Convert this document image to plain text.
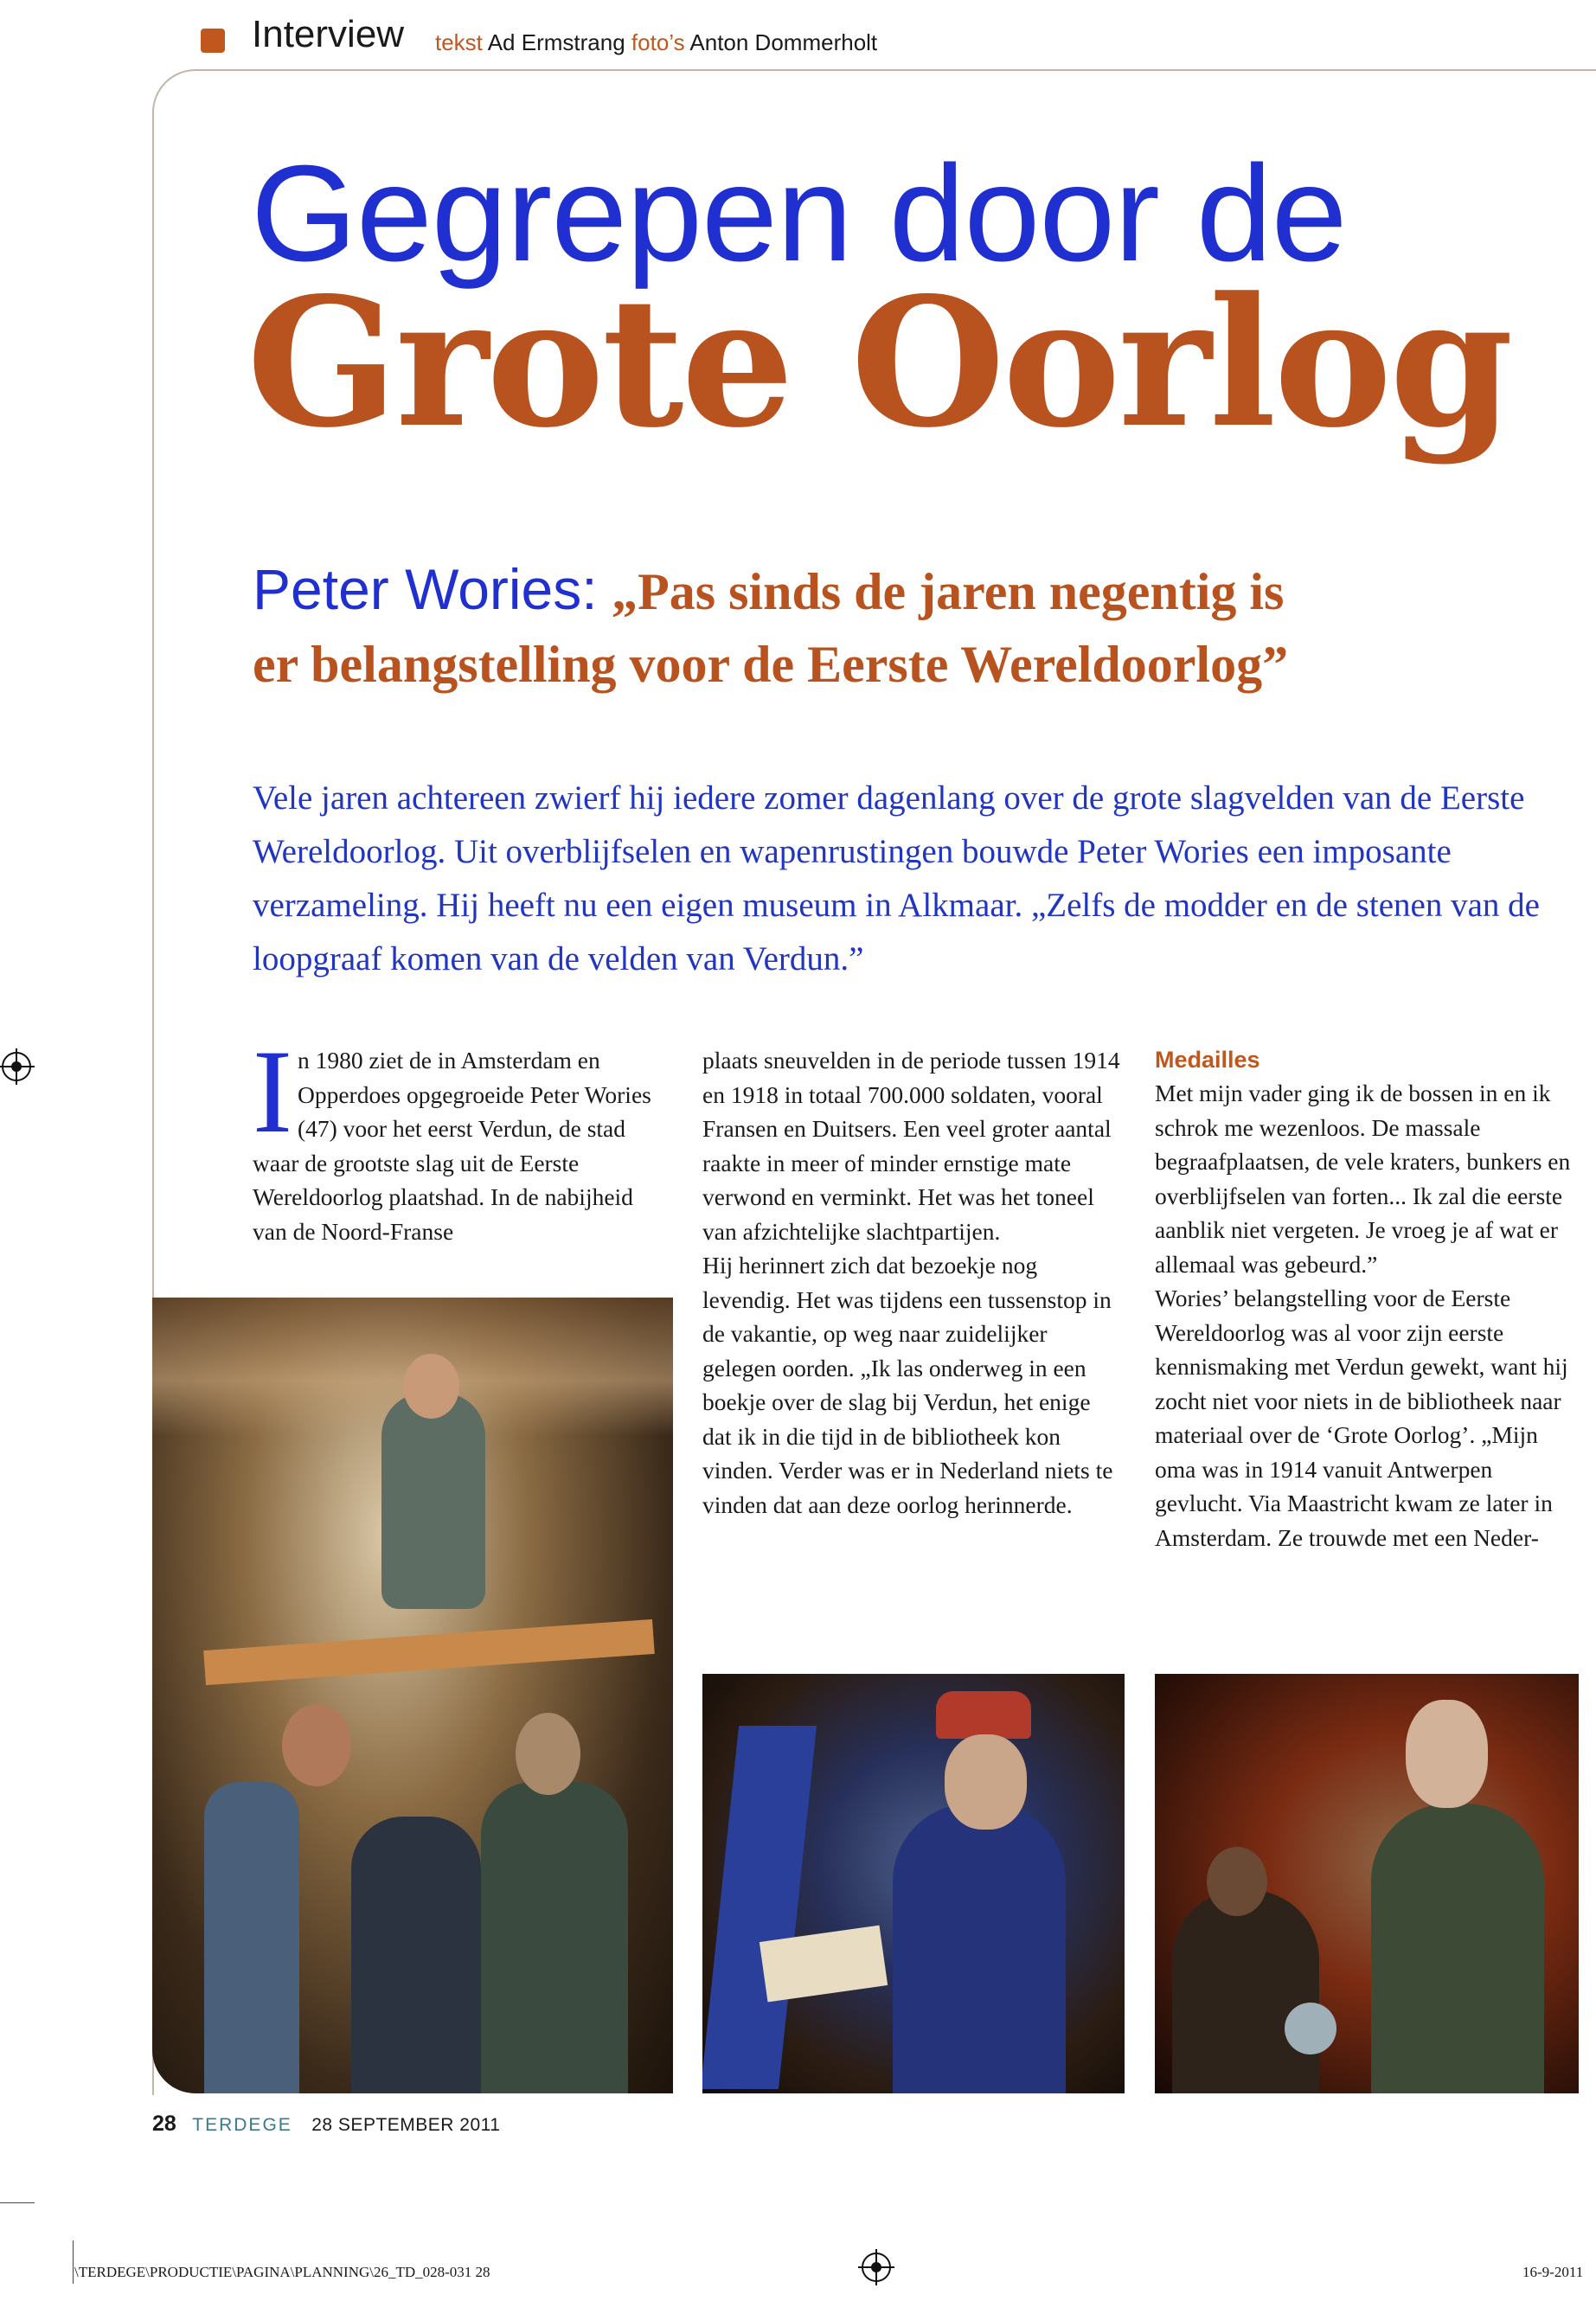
Interview tekst Ad Ermstrang foto’s Anton Dommerholt
Gegrepen door de
Grote Oorlog
Peter Wories: „Pas sinds de jaren negentig is
er belangstelling voor de Eerste Wereldoorlog”
Vele jaren achtereen zwierf hij iedere zomer dagenlang over de grote slagvelden van de Eerste Wereldoorlog. Uit overblijfselen en wapenrustingen bouwde Peter Wories een imposante verzameling. Hij heeft nu een eigen museum in Alkmaar. „Zelfs de modder en de stenen van de loopgraaf komen van de velden van Verdun.”
I n 1980 ziet de in Amsterdam en Opperdoes opgegroeide Peter Wories (47) voor het eerst Verdun, de stad waar de grootste slag uit de Eerste Wereldoorlog plaatshad. In de nabijheid van de Noord-Franse

plaats sneuvelden in de periode tussen 1914 en 1918 in totaal 700.000 soldaten, vooral Fransen en Duitsers. Een veel groter aantal raakte in meer of minder ernstige mate verwond en verminkt. Het was het toneel van afzichtelijke slachtpartijen.

Hij herinnert zich dat bezoekje nog levendig. Het was tijdens een tussenstop in de vakantie, op weg naar zuidelijker gelegen oorden. „Ik las onderweg in een boekje over de slag bij Verdun, het enige dat ik in die tijd in de bibliotheek kon vinden. Verder was er in Nederland niets te vinden dat aan deze oorlog herinnerde.

Medailles

Met mijn vader ging ik de bossen in en ik schrok me wezenloos. De massale begraafplaatsen, de vele kraters, bunkers en overblijfselen van forten... Ik zal die eerste aanblik niet vergeten. Je vroeg je af wat er allemaal was gebeurd.”

Wories’ belangstelling voor de Eerste Wereldoorlog was al voor zijn eerste kennismaking met Verdun gewekt, want hij zocht niet voor niets in de bibliotheek naar materiaal over de ‘Grote Oorlog’. „Mijn oma was in 1914 vanuit Antwerpen gevlucht. Via Maastricht kwam ze later in Amsterdam. Ze trouwde met een Neder-

28 TERDEGE 28 SEPTEMBER 2011
\TERDEGE\PRODUCTIE\PAGINA\PLANNING\26_TD_028-031 28	16-9-2011
